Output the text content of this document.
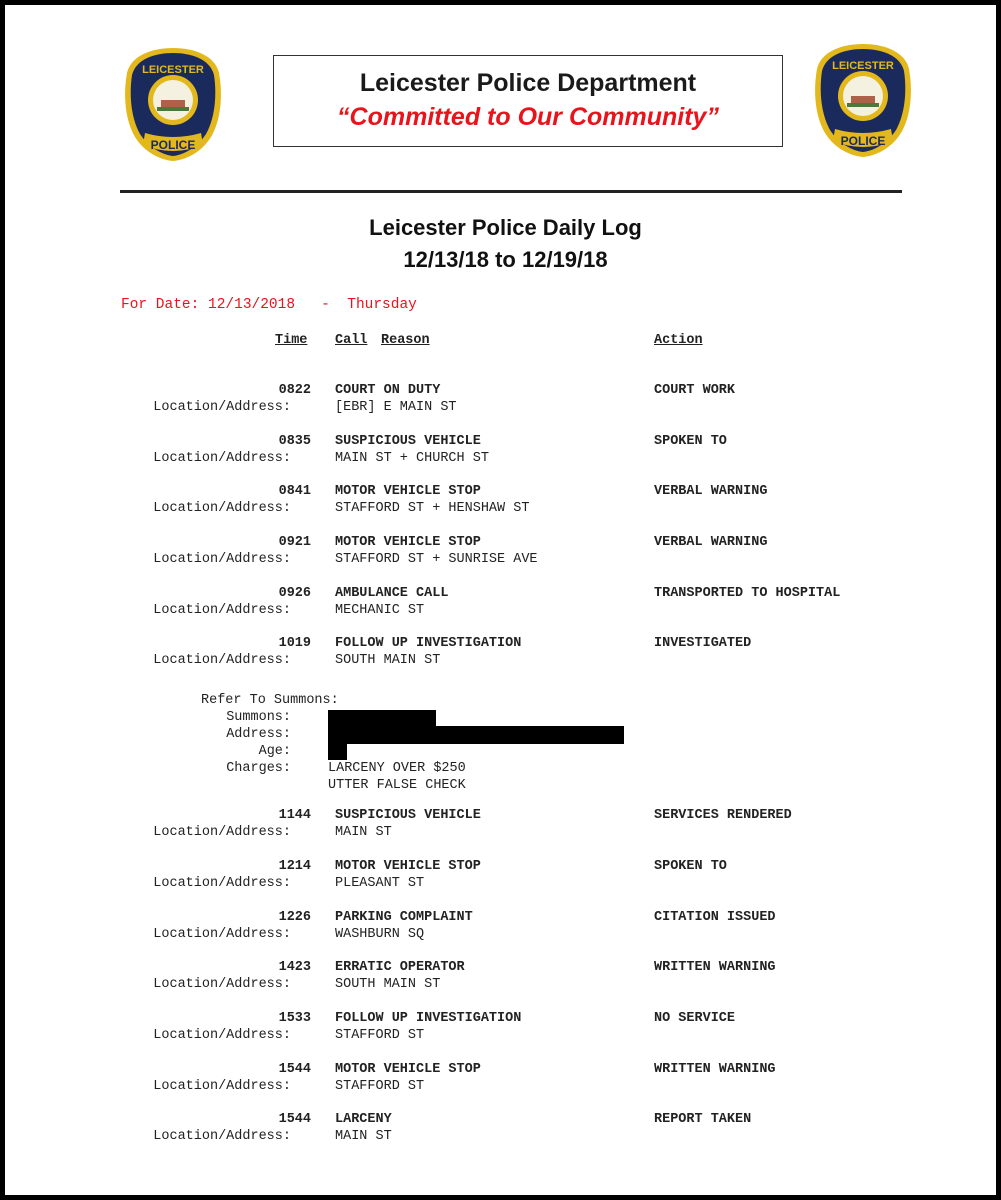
POLICE
LEICESTER	Leicester Police Department
“Committed to Our Community”
POLICE
LEICESTER
Leicester Police Daily Log
12/13/18 to 12/19/18
For Date: 12/13/2018   -  Thursday
Time Call Reason	Action
0822 COURT ON DUTY	COURT WORK
Location/Address:	[EBR] E MAIN ST
0835 SUSPICIOUS VEHICLE	SPOKEN TO
Location/Address:	MAIN ST + CHURCH ST
0841 MOTOR VEHICLE STOP	VERBAL WARNING
Location/Address:	STAFFORD ST + HENSHAW ST
0921 MOTOR VEHICLE STOP	VERBAL WARNING
Location/Address:	STAFFORD ST + SUNRISE AVE
0926 AMBULANCE CALL	TRANSPORTED TO HOSPITAL
Location/Address:	MECHANIC ST
1019 FOLLOW UP INVESTIGATION	INVESTIGATED
Location/Address:	SOUTH MAIN ST

Refer To Summons:

Summons:

Address:

Age:

Charges:

	LARCENY OVER $250

UTTER FALSE CHECK

1144 SUSPICIOUS VEHICLE	SERVICES RENDERED
Location/Address:	MAIN ST
1214 MOTOR VEHICLE STOP	SPOKEN TO
Location/Address:	PLEASANT ST
1226 PARKING COMPLAINT	CITATION ISSUED
Location/Address:	WASHBURN SQ
1423 ERRATIC OPERATOR	WRITTEN WARNING
Location/Address:	SOUTH MAIN ST
1533 FOLLOW UP INVESTIGATION	NO SERVICE
Location/Address:	STAFFORD ST
1544 MOTOR VEHICLE STOP	WRITTEN WARNING
Location/Address:	STAFFORD ST
1544 LARCENY	REPORT TAKEN
Location/Address:	MAIN ST
